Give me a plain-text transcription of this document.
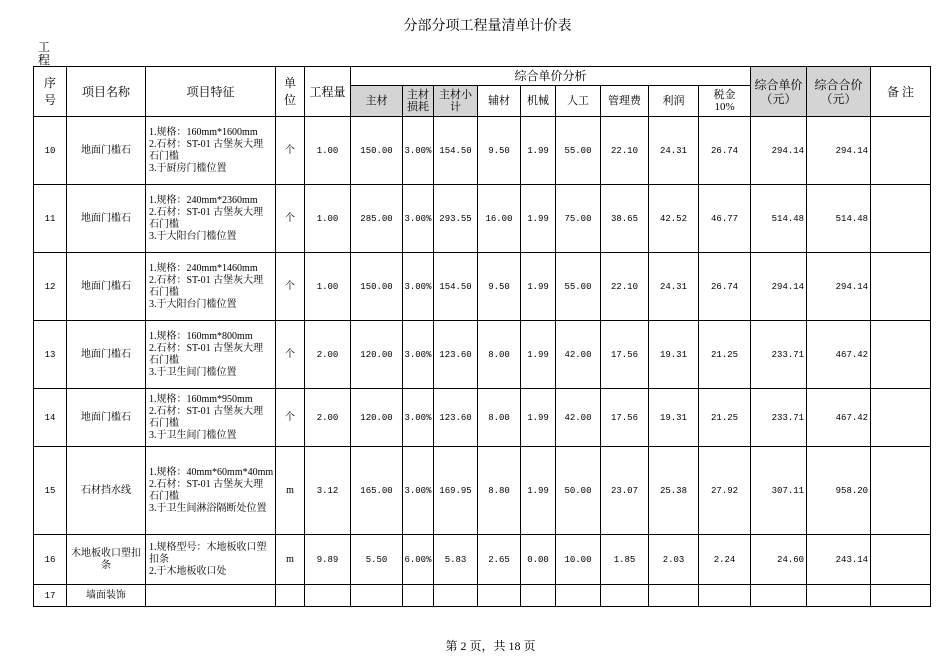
分部分项工程量清单计价表
工程
序号	项目名称	项目特征	单位	工程量	综合单价分析									综合单价（元）	综合合价（元）	备 注
					主材	主材损耗	主材小计	辅材	机械	人工	管理费	利润	税金10%			
10	地面门槛石	1.规格：160mm*1600mm
2.石材：ST-01 古堡灰大理
石门槛
3.于厨房门槛位置	个	1.00	150.00	3.00%	154.50	9.50	1.99	55.00	22.10	24.31	26.74	294.14	294.14	
11	地面门槛石	1.规格：240mm*2360mm
2.石材：ST-01 古堡灰大理
石门槛
3.于大阳台门槛位置	个	1.00	285.00	3.00%	293.55	16.00	1.99	75.00	38.65	42.52	46.77	514.48	514.48	
12	地面门槛石	1.规格：240mm*1460mm
2.石材：ST-01 古堡灰大理
石门槛
3.于大阳台门槛位置	个	1.00	150.00	3.00%	154.50	9.50	1.99	55.00	22.10	24.31	26.74	294.14	294.14	
13	地面门槛石	1.规格：160mm*800mm
2.石材：ST-01 古堡灰大理
石门槛
3.于卫生间门槛位置	个	2.00	120.00	3.00%	123.60	8.00	1.99	42.00	17.56	19.31	21.25	233.71	467.42	
14	地面门槛石	1.规格：160mm*950mm
2.石材：ST-01 古堡灰大理
石门槛
3.于卫生间门槛位置	个	2.00	120.00	3.00%	123.60	8.00	1.99	42.00	17.56	19.31	21.25	233.71	467.42	
15	石材挡水线	1.规格：40mm*60mm*40mm
2.石材：ST-01 古堡灰大理
石门槛
3.于卫生间淋浴隔断处位置	m	3.12	165.00	3.00%	169.95	8.80	1.99	50.00	23.07	25.38	27.92	307.11	958.20	
16	木地板收口塑扣条	1.规格型号：木地板收口塑
扣条
2.于木地板收口处	m	9.89	5.50	6.00%	5.83	2.65	0.00	10.00	1.85	2.03	2.24	24.60	243.14	
17	墙面装饰															
第 2 页，共 18 页
